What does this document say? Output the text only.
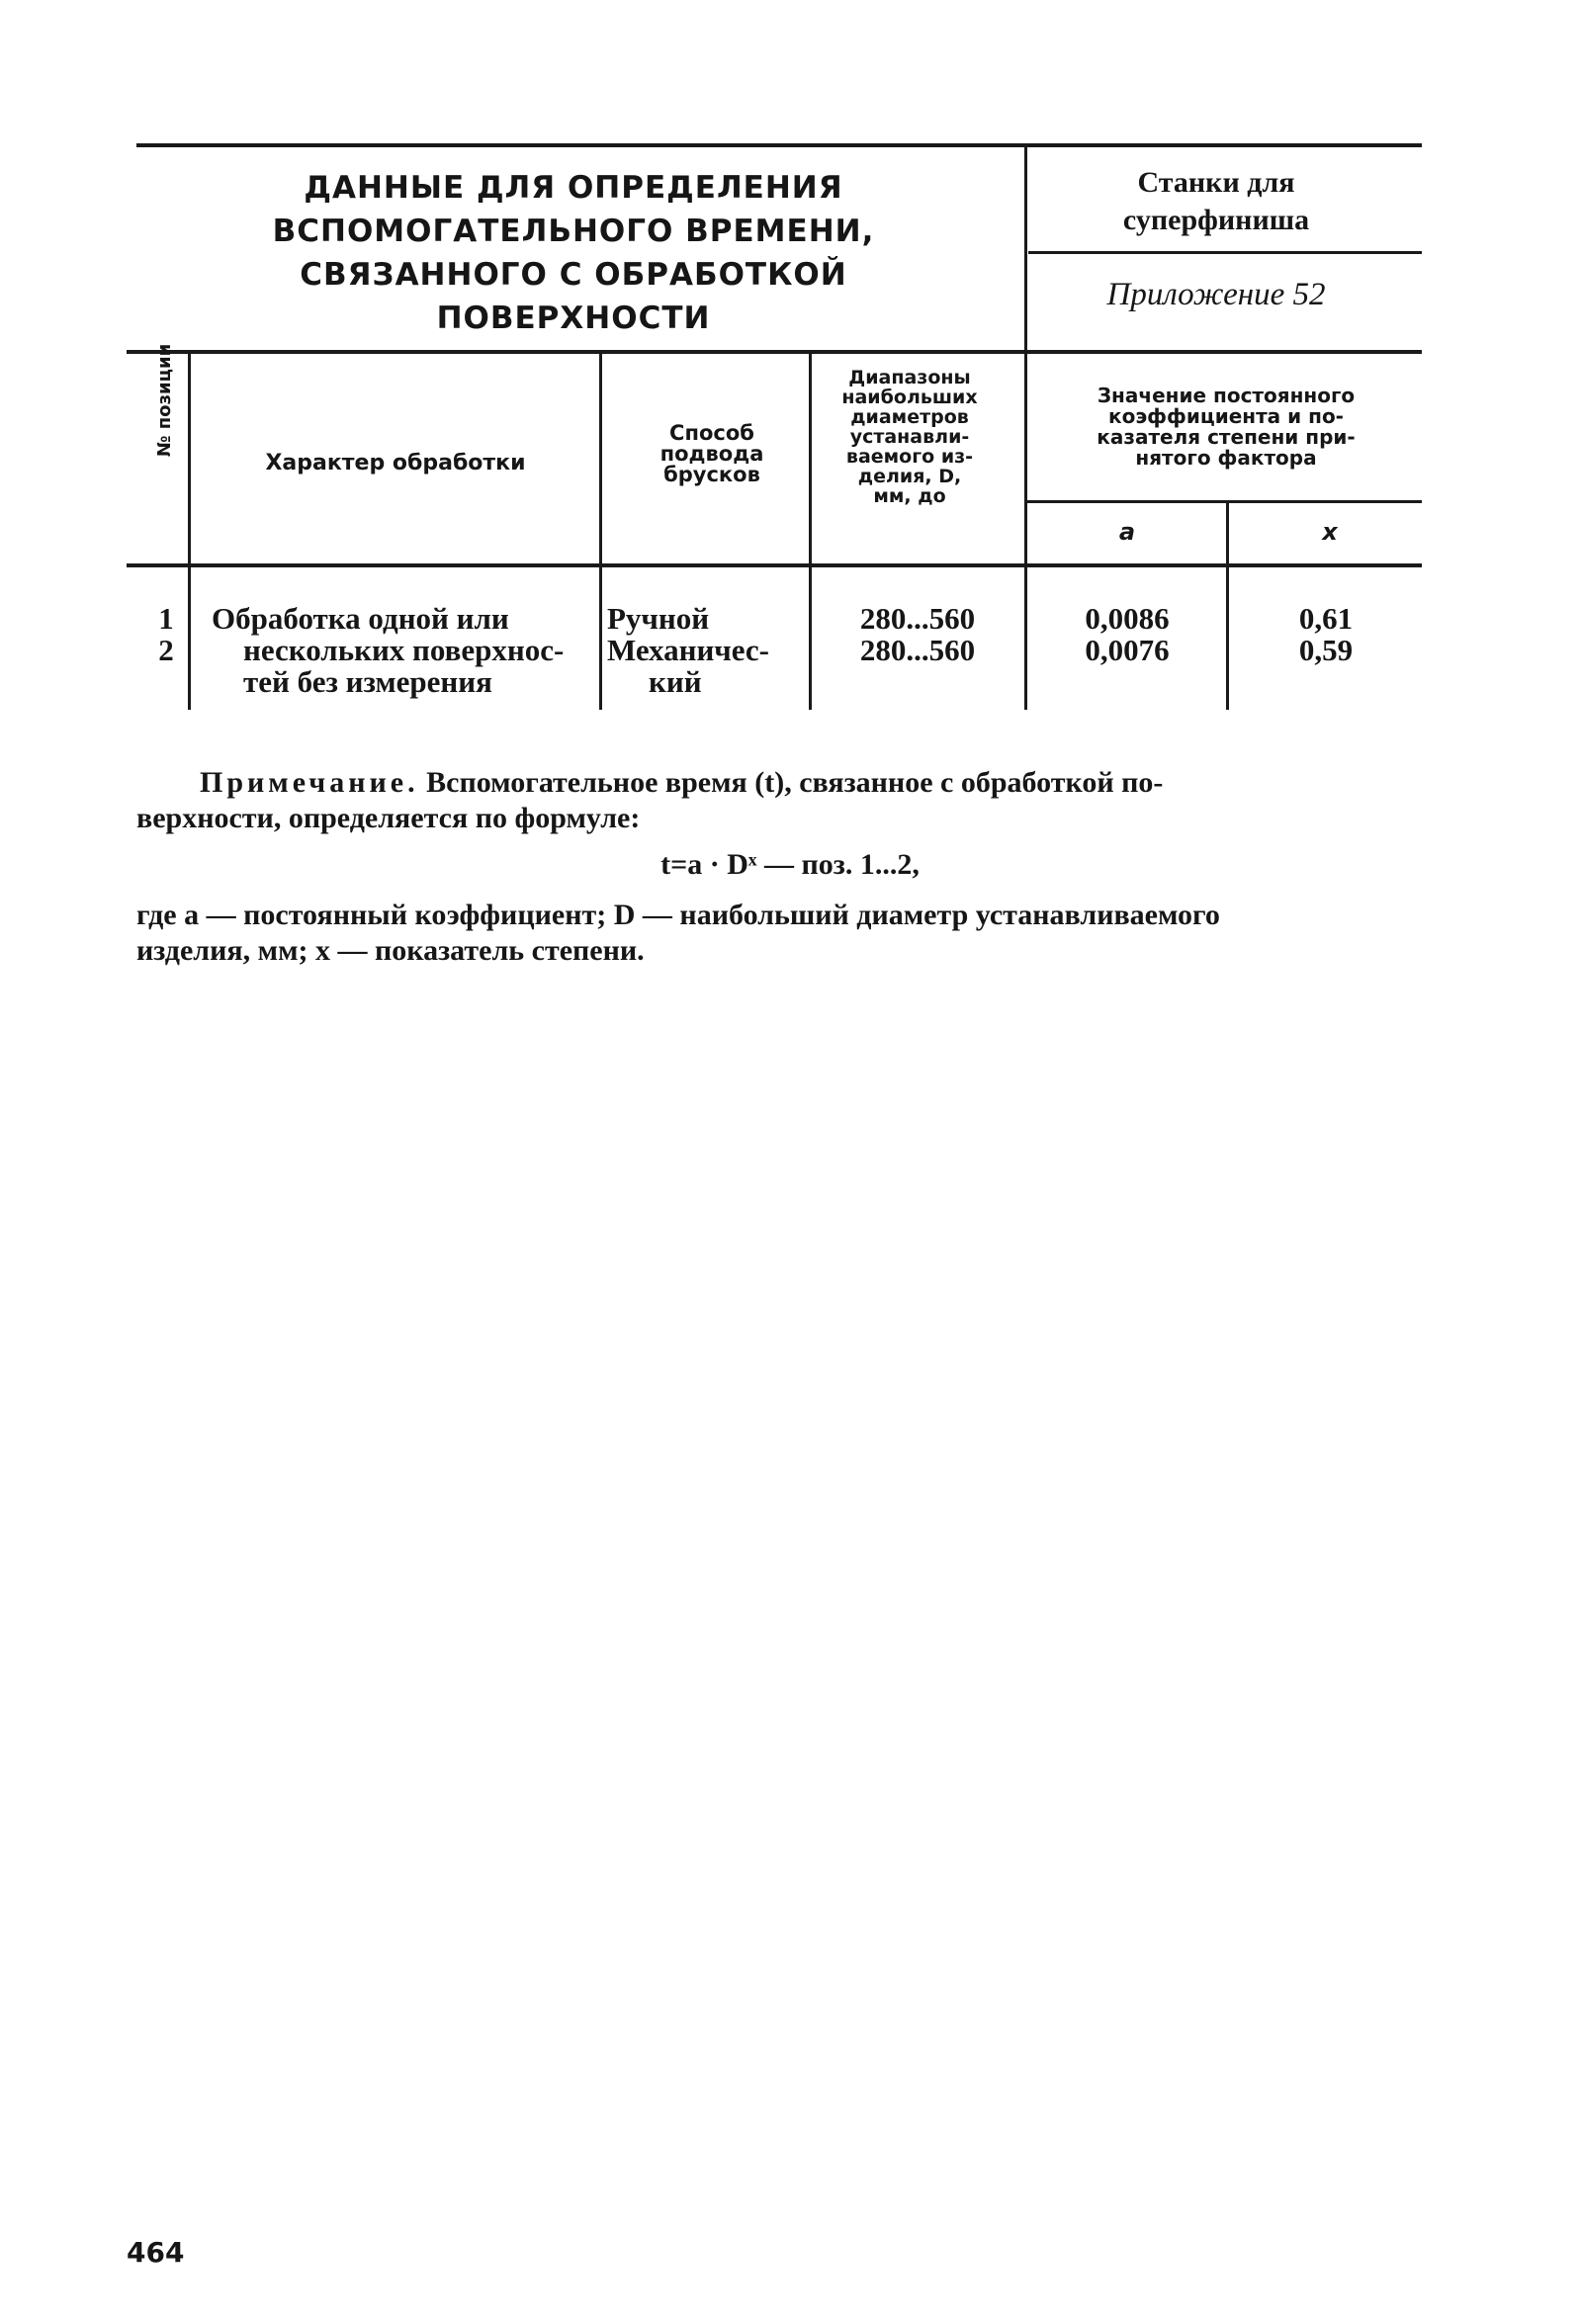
ДАННЫЕ ДЛЯ ОПРЕДЕЛЕНИЯ
ВСПОМОГАТЕЛЬНОГО ВРЕМЕНИ,
СВЯЗАННОГО С ОБРАБОТКОЙ
ПОВЕРХНОСТИ
Станки для
суперфиниша
Приложение 52
№ позиции
Характер обработки
Способ
подвода
брусков
Диапазоны
наибольших
диаметров
устанавли-
ваемого из-
делия, D,
мм, до
Значение постоянного
коэффициента и по-
казателя степени при-
нятого фактора
a	x
1
2
Обработка одной или
нескольких поверхнос-
тей без измерения
Ручной
Механичес-
кий
280...560
280...560
0,0086
0,0076
0,61
0,59
Примечание. Вспомогательное время (t), связанное с обработкой по-
верхности, определяется по формуле:
t=a · Dˣ — поз. 1...2,
где a — постоянный коэффициент; D — наибольший диаметр устанавливаемого
изделия, мм; x — показатель степени.
464
